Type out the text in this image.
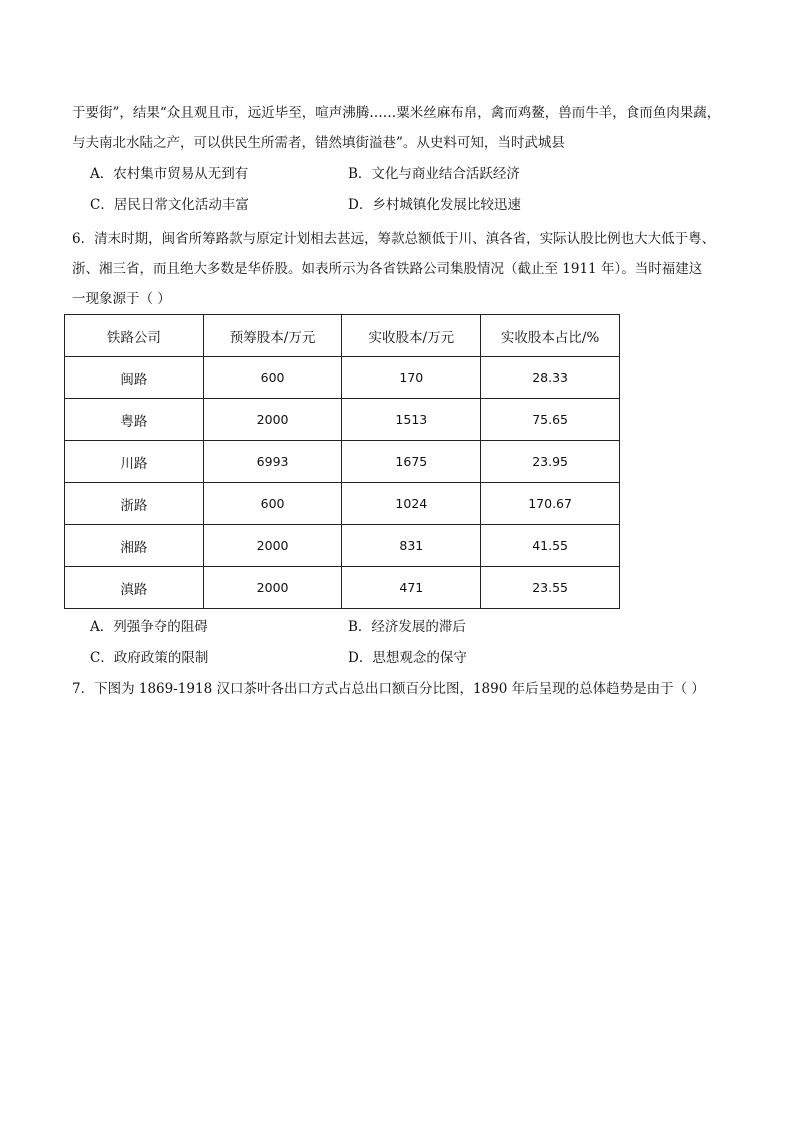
于要街”，结果“众且观且市，远近毕至，喧声沸腾……粟米丝麻布帛，禽而鸡鳌，兽而牛羊，食而鱼肉果蔬，
与夫南北水陆之产，可以供民生所需者，错然填街溢巷”。从史料可知，当时武城县
A．农村集市贸易从无到有	B．文化与商业结合活跃经济
C．居民日常文化活动丰富	D．乡村城镇化发展比较迅速
6．清末时期，闽省所筹路款与原定计划相去甚远，筹款总额低于川、滇各省，实际认股比例也大大低于粤、
浙、湘三省，而且绝大多数是华侨股。如表所示为各省铁路公司集股情况（截止至 1911 年）。当时福建这
一现象源于（ ）
铁路公司	预筹股本/万元	实收股本/万元	实收股本占比/%
闽路	600	170	28.33
粤路	2000	1513	75.65
川路	6993	1675	23.95
浙路	600	1024	170.67
湘路	2000	831	41.55
滇路	2000	471	23.55
A．列强争夺的阻碍	B．经济发展的滞后
C．政府政策的限制	D．思想观念的保守
7．下图为 1869-1918 汉口茶叶各出口方式占总出口额百分比图，1890 年后呈现的总体趋势是由于（ ）
